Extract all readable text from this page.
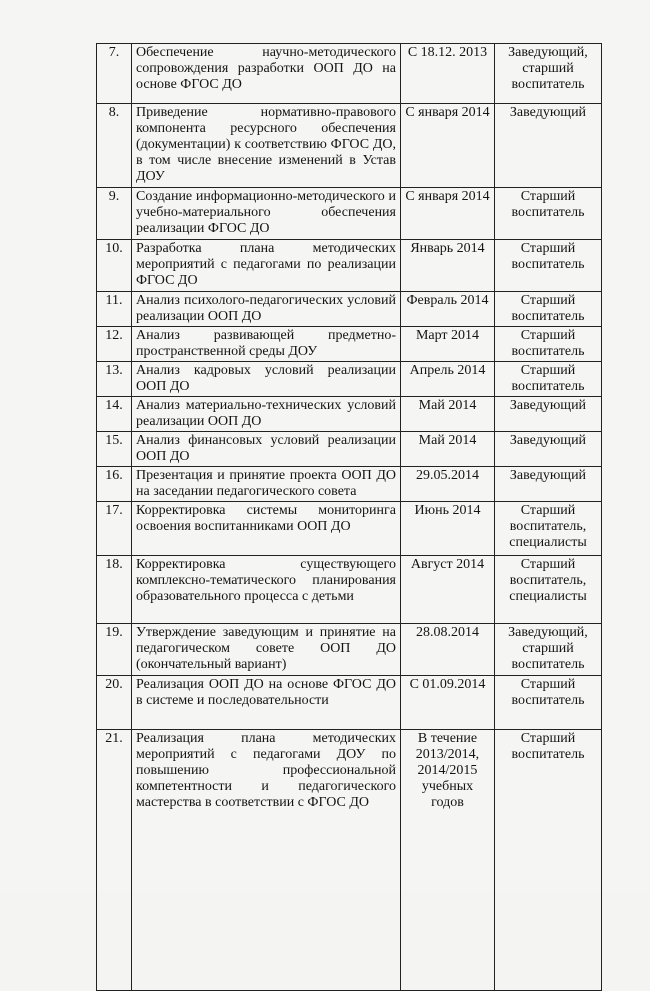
7.	Обеспечение научно-методического сопровождения разработки ООП ДО на основе ФГОС ДО	С 18.12. 2013	Заведующий, старший воспитатель
8.	Приведение нормативно-правового компонента ресурсного обеспечения (документации) к соответствию ФГОС ДО, в том числе внесение изменений в Устав ДОУ	С января 2014	Заведующий
9.	Создание информационно-методического и учебно-материального обеспечения реализации ФГОС ДО	С января 2014	Старший воспитатель
10.	Разработка плана методических мероприятий с педагогами по реализации ФГОС ДО	Январь 2014	Старший воспитатель
11.	Анализ психолого-педагогических условий реализации ООП ДО	Февраль 2014	Старший воспитатель
12.	Анализ развивающей предметно-пространственной среды ДОУ	Март 2014	Старший воспитатель
13.	Анализ кадровых условий реализации ООП ДО	Апрель 2014	Старший воспитатель
14.	Анализ материально-технических условий реализации ООП ДО	Май 2014	Заведующий
15.	Анализ финансовых условий реализации ООП ДО	Май 2014	Заведующий
16.	Презентация и принятие проекта ООП ДО на заседании педагогического совета	29.05.2014	Заведующий
17.	Корректировка системы мониторинга освоения воспитанниками ООП ДО	Июнь 2014	Старший воспитатель, специалисты
18.	Корректировка существующего комплексно-тематического планирования образовательного процесса с детьми	Август 2014	Старший воспитатель, специалисты
19.	Утверждение заведующим и принятие на педагогическом совете ООП ДО (окончательный вариант)	28.08.2014	Заведующий, старший воспитатель
20.	Реализация ООП ДО на основе ФГОС ДО в системе и последовательности	С 01.09.2014	Старший воспитатель
21.	Реализация плана методических мероприятий с педагогами ДОУ по повышению профессиональной компетентности и педагогического мастерства в соответствии с ФГОС ДО	В течение 2013/2014, 2014/2015 учебных годов	Старший воспитатель
